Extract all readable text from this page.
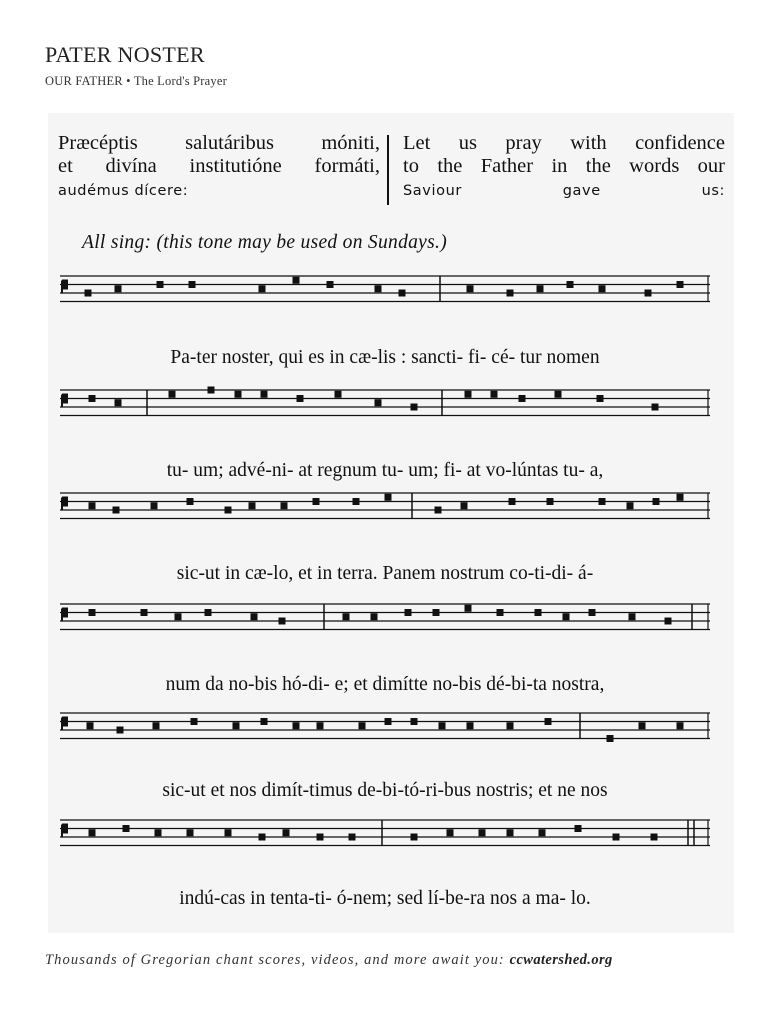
PATER NOSTER
OUR FATHER • The Lord's Prayer
Præcéptis salutáribus móniti,
et divína institutióne formáti,
audémus dícere:
Let us pray with confidence
to the Father in the words our
Saviour gave us:
All sing: (this tone may be used on Sundays.)
Pa-ter noster, qui es in cæ-lis : sancti- fi- cé- tur nomen
tu- um; advé-ni- at regnum tu- um; fi- at vo-lúntas tu- a,
sic-ut in cæ-lo, et in terra. Panem nostrum co-ti-di- á-
num da no-bis hó-di- e; et dimítte no-bis dé-bi-ta nostra,
sic-ut et nos dimít-timus de-bi-tó-ri-bus nostris; et ne nos
indú-cas in tenta-ti- ó-nem; sed lí-be-ra nos a ma- lo.
Thousands of Gregorian chant scores, videos, and more await you: ccwatershed.org
